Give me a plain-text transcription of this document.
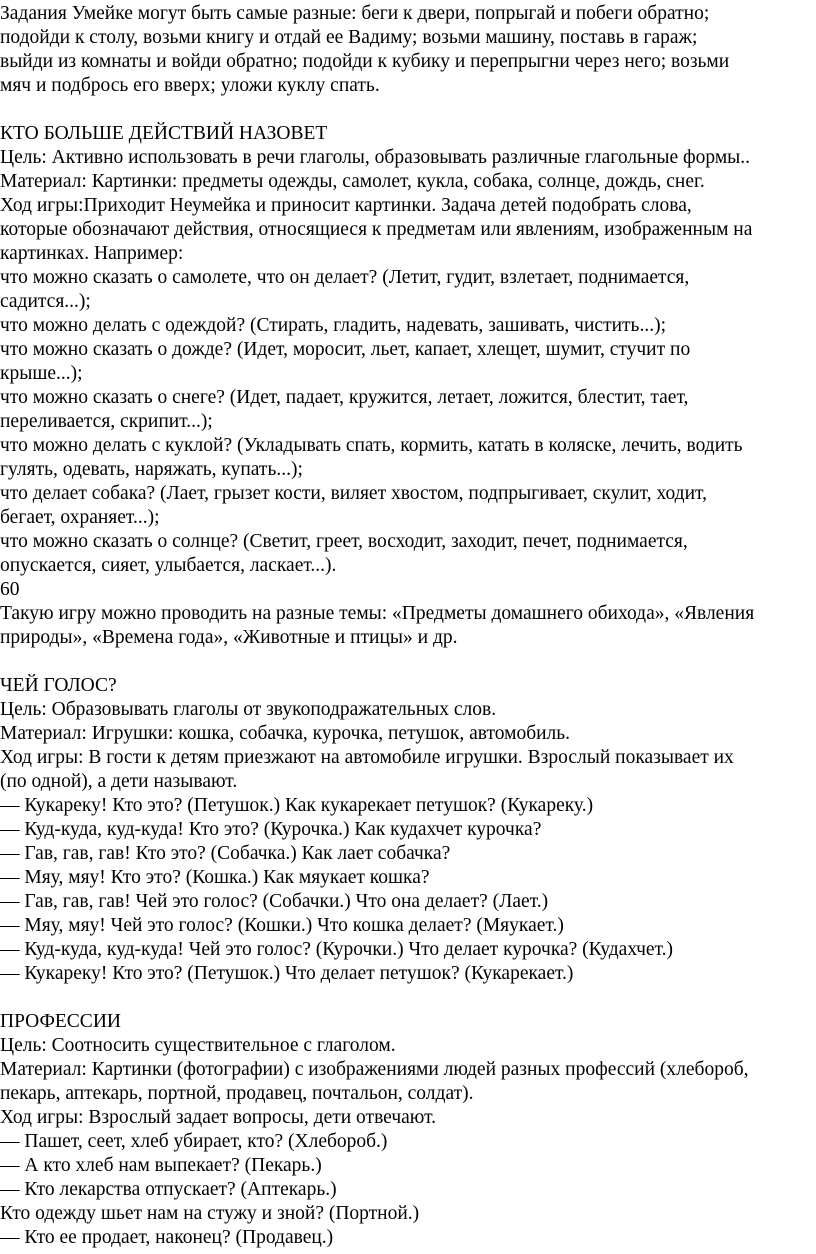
Задания Умейке могут быть самые разные: беги к двери, попрыгай и побеги обратно;
подойди к столу, возьми книгу и отдай ее Вадиму; возьми машину, поставь в гараж;
выйди из комнаты и войди обратно; подойди к кубику и перепрыгни через него; возьми
мяч и подбрось его вверх; уложи куклу спать.
КТО БОЛЬШЕ ДЕЙСТВИЙ НАЗОВЕТ
Цель: Активно использовать в речи глаголы, образовывать различные глагольные формы..
Материал: Картинки: предметы одежды, самолет, кукла, собака, солнце, дождь, снег.
Ход игры:Приходит Неумейка и приносит картинки. Задача детей подобрать слова,
которые обозначают действия, относящиеся к предметам или явлениям, изображенным на
картинках. Например:
что можно сказать о самолете, что он делает? (Летит, гудит, взлетает, поднимается,
садится...);
что можно делать с одеждой? (Стирать, гладить, надевать, зашивать, чистить...);
что можно сказать о дожде? (Идет, моросит, льет, капает, хлещет, шумит, стучит по
крыше...);
что можно сказать о снеге? (Идет, падает, кружится, летает, ложится, блестит, тает,
переливается, скрипит...);
что можно делать с куклой? (Укладывать спать, кормить, катать в коляске, лечить, водить
гулять, одевать, наряжать, купать...);
что делает собака? (Лает, грызет кости, виляет хвостом, подпрыгивает, скулит, ходит,
бегает, охраняет...);
что можно сказать о солнце? (Светит, греет, восходит, заходит, печет, поднимается,
опускается, сияет, улыбается, ласкает...).
60
Такую игру можно проводить на разные темы: «Предметы домашнего обихода», «Явления
природы», «Времена года», «Животные и птицы» и др.
ЧЕЙ ГОЛОС?
Цель: Образовывать глаголы от звукоподражательных слов.
Материал: Игрушки: кошка, собачка, курочка, петушок, автомобиль.
Ход игры: В гости к детям приезжают на автомобиле игрушки. Взрослый показывает их
(по одной), а дети называют.
— Кукареку! Кто это? (Петушок.) Как кукарекает петушок? (Кукареку.)
— Куд-куда, куд-куда! Кто это? (Курочка.) Как кудахчет курочка?
— Гав, гав, гав! Кто это? (Собачка.) Как лает собачка?
— Мяу, мяу! Кто это? (Кошка.) Как мяукает кошка?
— Гав, гав, гав! Чей это голос? (Собачки.) Что она делает? (Лает.)
— Мяу, мяу! Чей это голос? (Кошки.) Что кошка делает? (Мяукает.)
— Куд-куда, куд-куда! Чей это голос? (Курочки.) Что делает курочка? (Кудахчет.)
— Кукареку! Кто это? (Петушок.) Что делает петушок? (Кукарекает.)
ПРОФЕССИИ
Цель: Соотносить существительное с глаголом.
Материал: Картинки (фотографии) с изображениями людей разных профессий (хлебороб,
пекарь, аптекарь, портной, продавец, почтальон, солдат).
Ход игры: Взрослый задает вопросы, дети отвечают.
— Пашет, сеет, хлеб убирает, кто? (Хлебороб.)
— А кто хлеб нам выпекает? (Пекарь.)
— Кто лекарства отпускает? (Аптекарь.)
Кто одежду шьет нам на стужу и зной? (Портной.)
— Кто ее продает, наконец? (Продавец.)
